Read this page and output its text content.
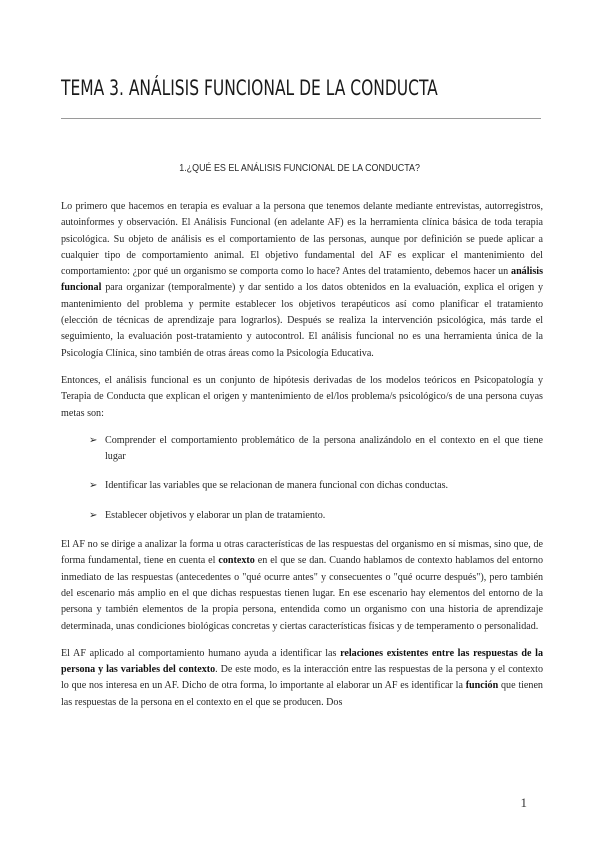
TEMA 3. ANÁLISIS FUNCIONAL DE LA CONDUCTA
1.¿QUÉ ES EL ANÁLISIS FUNCIONAL DE LA CONDUCTA?

Lo primero que hacemos en terapia es evaluar a la persona que tenemos delante mediante entrevistas, autorregistros, autoinformes y observación. El Análisis Funcional (en adelante AF) es la herramienta clínica básica de toda terapia psicológica. Su objeto de análisis es el comportamiento de las personas, aunque por definición se puede aplicar a cualquier tipo de comportamiento animal. El objetivo fundamental del AF es explicar el mantenimiento del comportamiento: ¿por qué un organismo se comporta como lo hace? Antes del tratamiento, debemos hacer un análisis funcional para organizar (temporalmente) y dar sentido a los datos obtenidos en la evaluación, explica el origen y mantenimiento del problema y permite establecer los objetivos terapéuticos así como planificar el tratamiento (elección de técnicas de aprendizaje para lograrlos). Después se realiza la intervención psicológica, más tarde el seguimiento, la evaluación post-tratamiento y autocontrol. El análisis funcional no es una herramienta única de la Psicología Clínica, sino también de otras áreas como la Psicología Educativa.

Entonces, el análisis funcional es un conjunto de hipótesis derivadas de los modelos teóricos en Psicopatología y Terapia de Conducta que explican el origen y mantenimiento de el/los problema/s psicológico/s de una persona cuyas metas son:

➢ Comprender el comportamiento problemático de la persona analizándolo en el contexto en el que tiene lugar
➢ Identificar las variables que se relacionan de manera funcional con dichas conductas.
➢ Establecer objetivos y elaborar un plan de tratamiento.

El AF no se dirige a analizar la forma u otras características de las respuestas del organismo en sí mismas, sino que, de forma fundamental, tiene en cuenta el contexto en el que se dan. Cuando hablamos de contexto hablamos del entorno inmediato de las respuestas (antecedentes o "qué ocurre antes" y consecuentes o "qué ocurre después"), pero también del escenario más amplio en el que dichas respuestas tienen lugar. En ese escenario hay elementos del entorno de la persona y también elementos de la propia persona, entendida como un organismo con una historia de aprendizaje determinada, unas condiciones biológicas concretas y ciertas características físicas y de temperamento o personalidad.

El AF aplicado al comportamiento humano ayuda a identificar las relaciones existentes entre las respuestas de la persona y las variables del contexto. De este modo, es la interacción entre las respuestas de la persona y el contexto lo que nos interesa en un AF. Dicho de otra forma, lo importante al elaborar un AF es identificar la función que tienen las respuestas de la persona en el contexto en el que se producen. Dos

1
